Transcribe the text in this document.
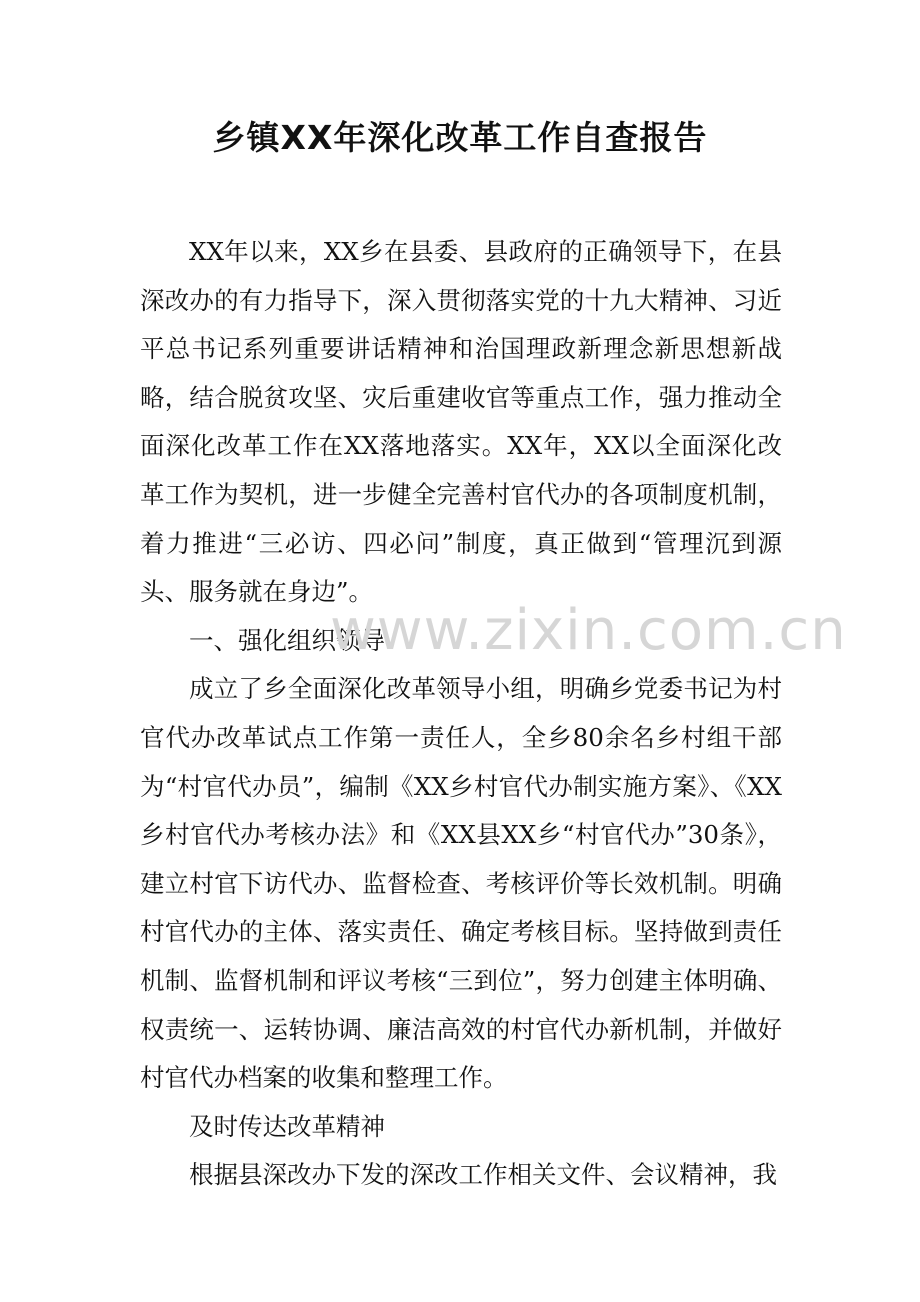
乡镇XX年深化改革工作自查报告

XX年以来，XX乡在县委、县政府的正确领导下，在县深改办的有力指导下，深入贯彻落实党的十九大精神、习近平总书记系列重要讲话精神和治国理政新理念新思想新战略，结合脱贫攻坚、灾后重建收官等重点工作，强力推动全面深化改革工作在XX落地落实。XX年，XX以全面深化改革工作为契机，进一步健全完善村官代办的各项制度机制，着力推进“三必访、四必问”制度，真正做到“管理沉到源头、服务就在身边”。

一、强化组织领导

成立了乡全面深化改革领导小组，明确乡党委书记为村官代办改革试点工作第一责任人，全乡80余名乡村组干部为“村官代办员”，编制《XX乡村官代办制实施方案》、《XX乡村官代办考核办法》和《XX县XX乡“村官代办”30条》，建立村官下访代办、监督检查、考核评价等长效机制。明确村官代办的主体、落实责任、确定考核目标。坚持做到责任机制、监督机制和评议考核“三到位”，努力创建主体明确、权责统一、运转协调、廉洁高效的村官代办新机制，并做好村官代办档案的收集和整理工作。

及时传达改革精神

根据县深改办下发的深改工作相关文件、会议精神，我

www.zixin.com.cn
